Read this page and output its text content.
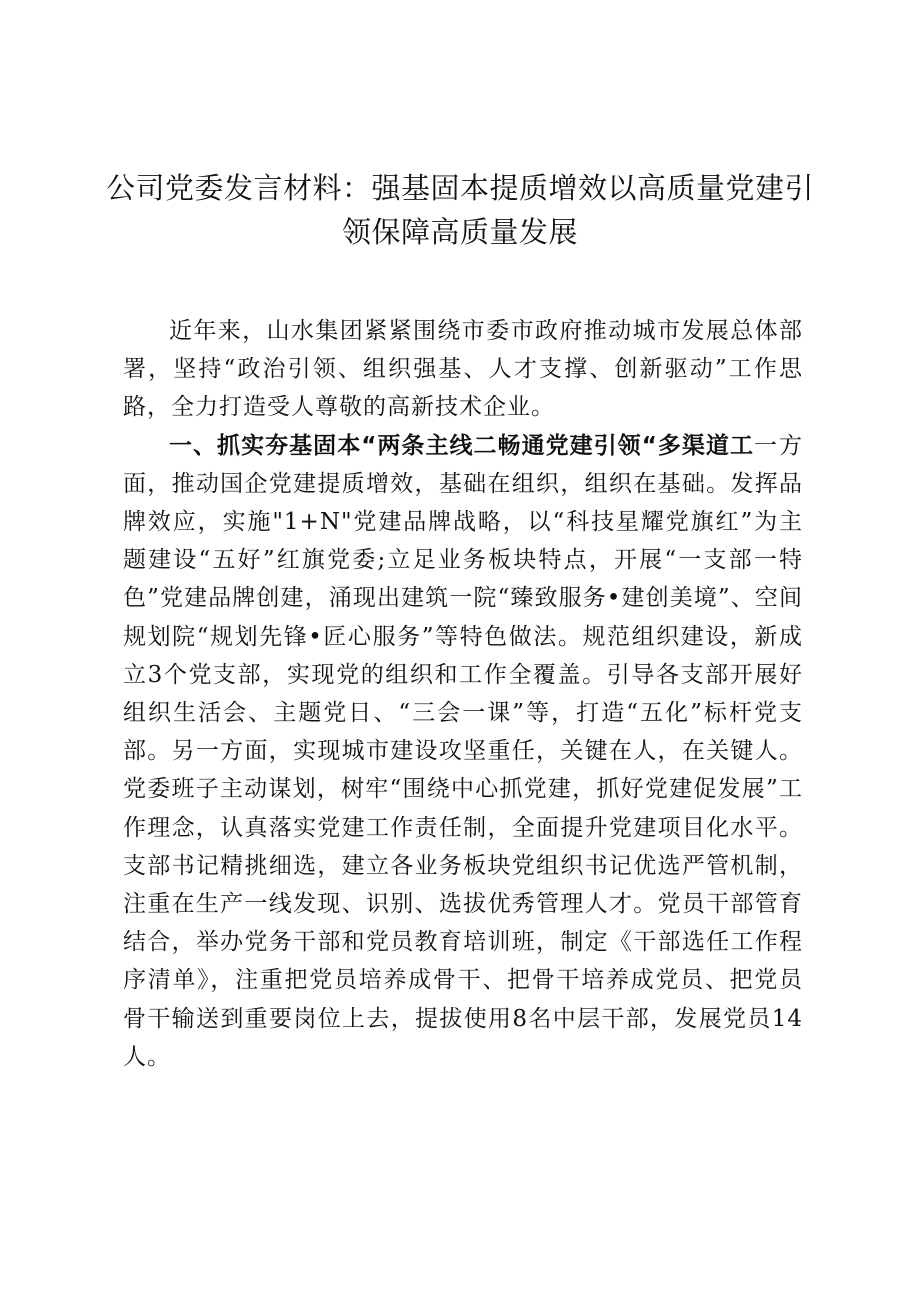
公司党委发言材料：强基固本提质增效以高质量党建引
领保障高质量发展

近年来，山水集团紧紧围绕市委市政府推动城市发展总体部署，坚持“政治引领、组织强基、人才支撑、创新驱动”工作思路，全力打造受人尊敬的高新技术企业。

一、抓实夯基固本“两条主线二畅通党建引领“多渠道工一方面，推动国企党建提质增效，基础在组织，组织在基础。发挥品牌效应，实施"1+N"党建品牌战略，以“科技星耀党旗红”为主题建设“五好”红旗党委;立足业务板块特点，开展“一支部一特色”党建品牌创建，涌现出建筑一院“臻致服务•建创美境”、空间规划院“规划先锋•匠心服务”等特色做法。规范组织建设，新成立3个党支部，实现党的组织和工作全覆盖。引导各支部开展好组织生活会、主题党日、“三会一课”等，打造“五化”标杆党支部。另一方面，实现城市建设攻坚重任，关键在人，在关键人。党委班子主动谋划，树牢“围绕中心抓党建，抓好党建促发展”工作理念，认真落实党建工作责任制，全面提升党建项目化水平。支部书记精挑细选，建立各业务板块党组织书记优选严管机制，注重在生产一线发现、识别、选拔优秀管理人才。党员干部管育结合，举办党务干部和党员教育培训班，制定《干部选任工作程序清单》，注重把党员培养成骨干、把骨干培养成党员、把党员骨干输送到重要岗位上去，提拔使用8名中层干部，发展党员14人。
